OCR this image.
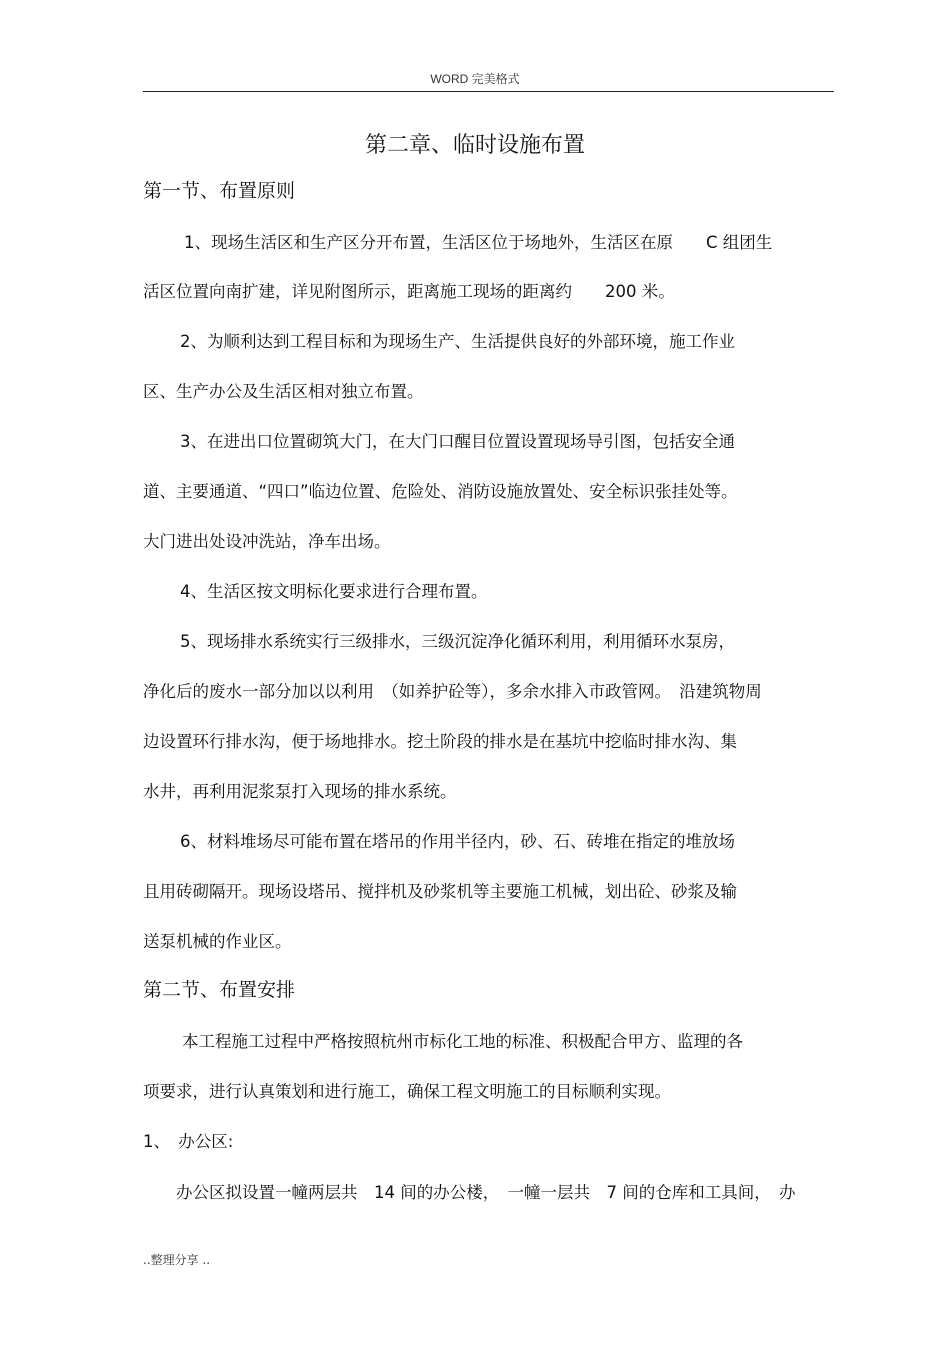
WORD 完美格式
第二章、临时设施布置
第一节、布置原则
1、现场生活区和生产区分开布置，生活区位于场地外，生活区在原　　C 组团生
活区位置向南扩建，详见附图所示，距离施工现场的距离约　　200 米。
2、为顺利达到工程目标和为现场生产、生活提供良好的外部环境，施工作业
区、生产办公及生活区相对独立布置。
3、在进出口位置砌筑大门，在大门口醒目位置设置现场导引图，包括安全通
道、主要通道、“四口”临边位置、危险处、消防设施放置处、安全标识张挂处等。
大门进出处设冲洗站，净车出场。
4、生活区按文明标化要求进行合理布置。
5、现场排水系统实行三级排水，三级沉淀净化循环利用，利用循环水泵房，
净化后的废水一部分加以以利用　（如养护砼等），多余水排入市政管网。　沿建筑物周
边设置环行排水沟，便于场地排水。挖土阶段的排水是在基坑中挖临时排水沟、集
水井，再利用泥浆泵打入现场的排水系统。
6、材料堆场尽可能布置在塔吊的作用半径内，砂、石、砖堆在指定的堆放场
且用砖砌隔开。现场设塔吊、搅拌机及砂浆机等主要施工机械，划出砼、砂浆及输
送泵机械的作业区。
第二节、布置安排
本工程施工过程中严格按照杭州市标化工地的标准、积极配合甲方、监理的各
项要求，进行认真策划和进行施工，确保工程文明施工的目标顺利实现。
1、　办公区:
办公区拟设置一幢两层共　14 间的办公楼，　一幢一层共　7 间的仓库和工具间，　办
..整理分享 ..
